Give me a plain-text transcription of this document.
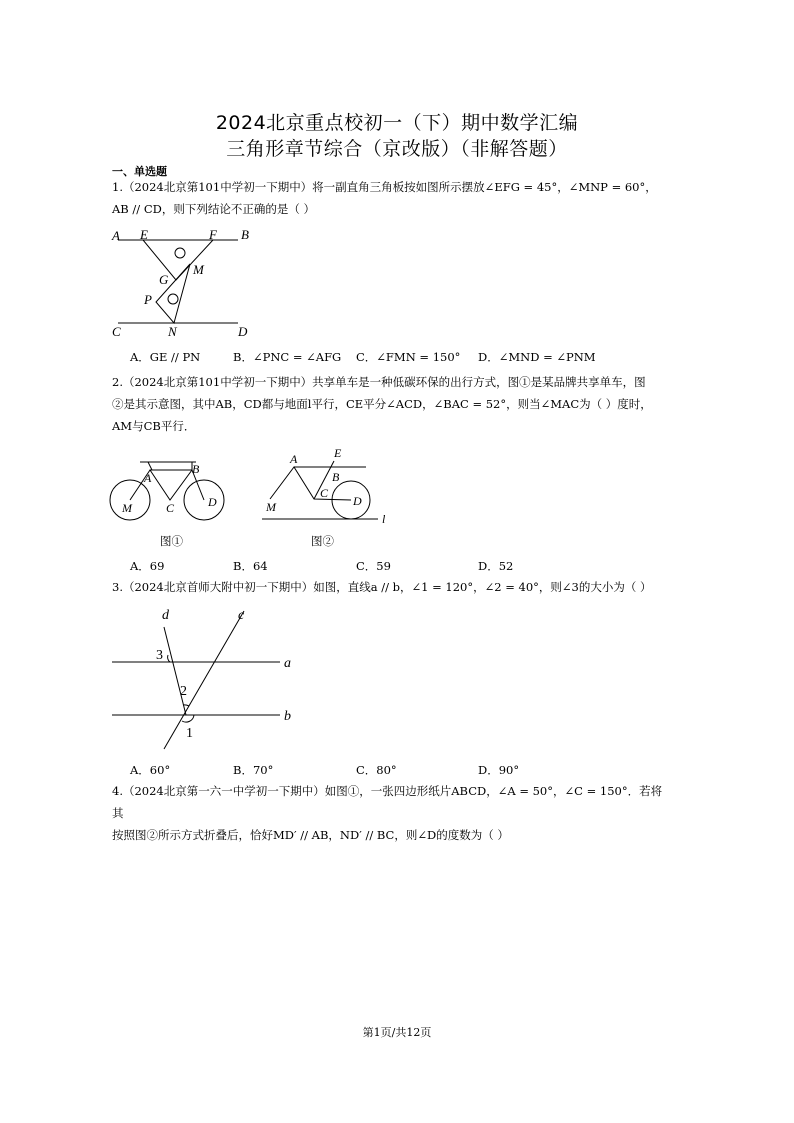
2024北京重点校初一（下）期中数学汇编
三角形章节综合（京改版）（非解答题）
一、单选题
1.（2024北京第101中学初一下期中）将一副直角三角板按如图所示摆放∠EFG = 45°，∠MNP = 60°，
AB // CD，则下列结论不正确的是（ ）
A E	F B
G
M
P
C	N	D
A．GE // PN	B．∠PNC = ∠AFG C．∠FMN = 150° D．∠MND = ∠PNM
2.（2024北京第101中学初一下期中）共享单车是一种低碳环保的出行方式，图①是某品牌共享单车，图
②是其示意图，其中AB，CD都与地面l平行，CE平分∠ACD，∠BAC = 52°，则当∠MAC为（ ）度时，
AM与CB平行．
A
B
M	C	D
E
A
B
C
D
M
l
图①	图②
A．69	B．64	C．59	D．52
3.（2024北京首师大附中初一下期中）如图，直线a // b，∠1 = 120°，∠2 = 40°，则∠3的大小为（ ）
d	c
3
a
2
b
1
A．60°	B．70°	C．80°	D．90°
4.（2024北京第一六一中学初一下期中）如图①，一张四边形纸片ABCD，∠A = 50°，∠C = 150°．若将其
按照图②所示方式折叠后，恰好MD′ // AB，ND′ // BC，则∠D的度数为（ ）
第1页/共12页
